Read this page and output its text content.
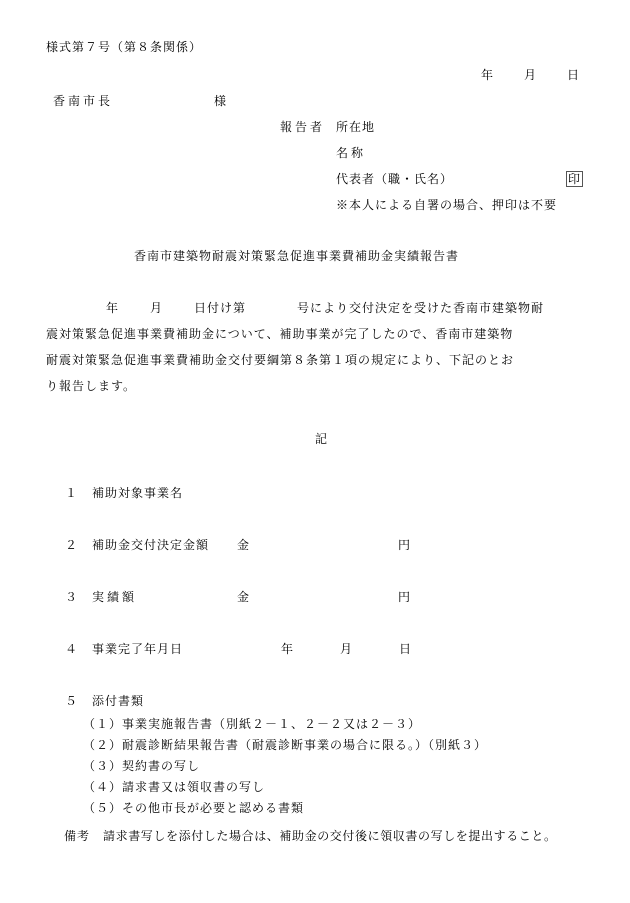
様式第７号（第８条関係）
年 月 日
香南市長	様
報告者 所在地
名称
代表者（職・氏名）	印
※本人による自署の場合、押印は不要
香南市建築物耐震対策緊急促進事業費補助金実績報告書
年	月	日付け第	号により交付決定を受けた香南市建築物耐
震対策緊急促進事業費補助金について、補助事業が完了したので、香南市建築物
耐震対策緊急促進事業費補助金交付要綱第８条第１項の規定により、下記のとお
り報告します。
記
１ 補助対象事業名
２ 補助金交付決定金額 金	円
３ 実績額	金	円
４ 事業完了年月日	年	月	日
５ 添付書類
（１）事業実施報告書（別紙２－１、２－２又は２－３）
（２）耐震診断結果報告書（耐震診断事業の場合に限る。）（別紙３）
（３）契約書の写し
（４）請求書又は領収書の写し
（５）その他市長が必要と認める書類
備考 請求書写しを添付した場合は、補助金の交付後に領収書の写しを提出すること。
